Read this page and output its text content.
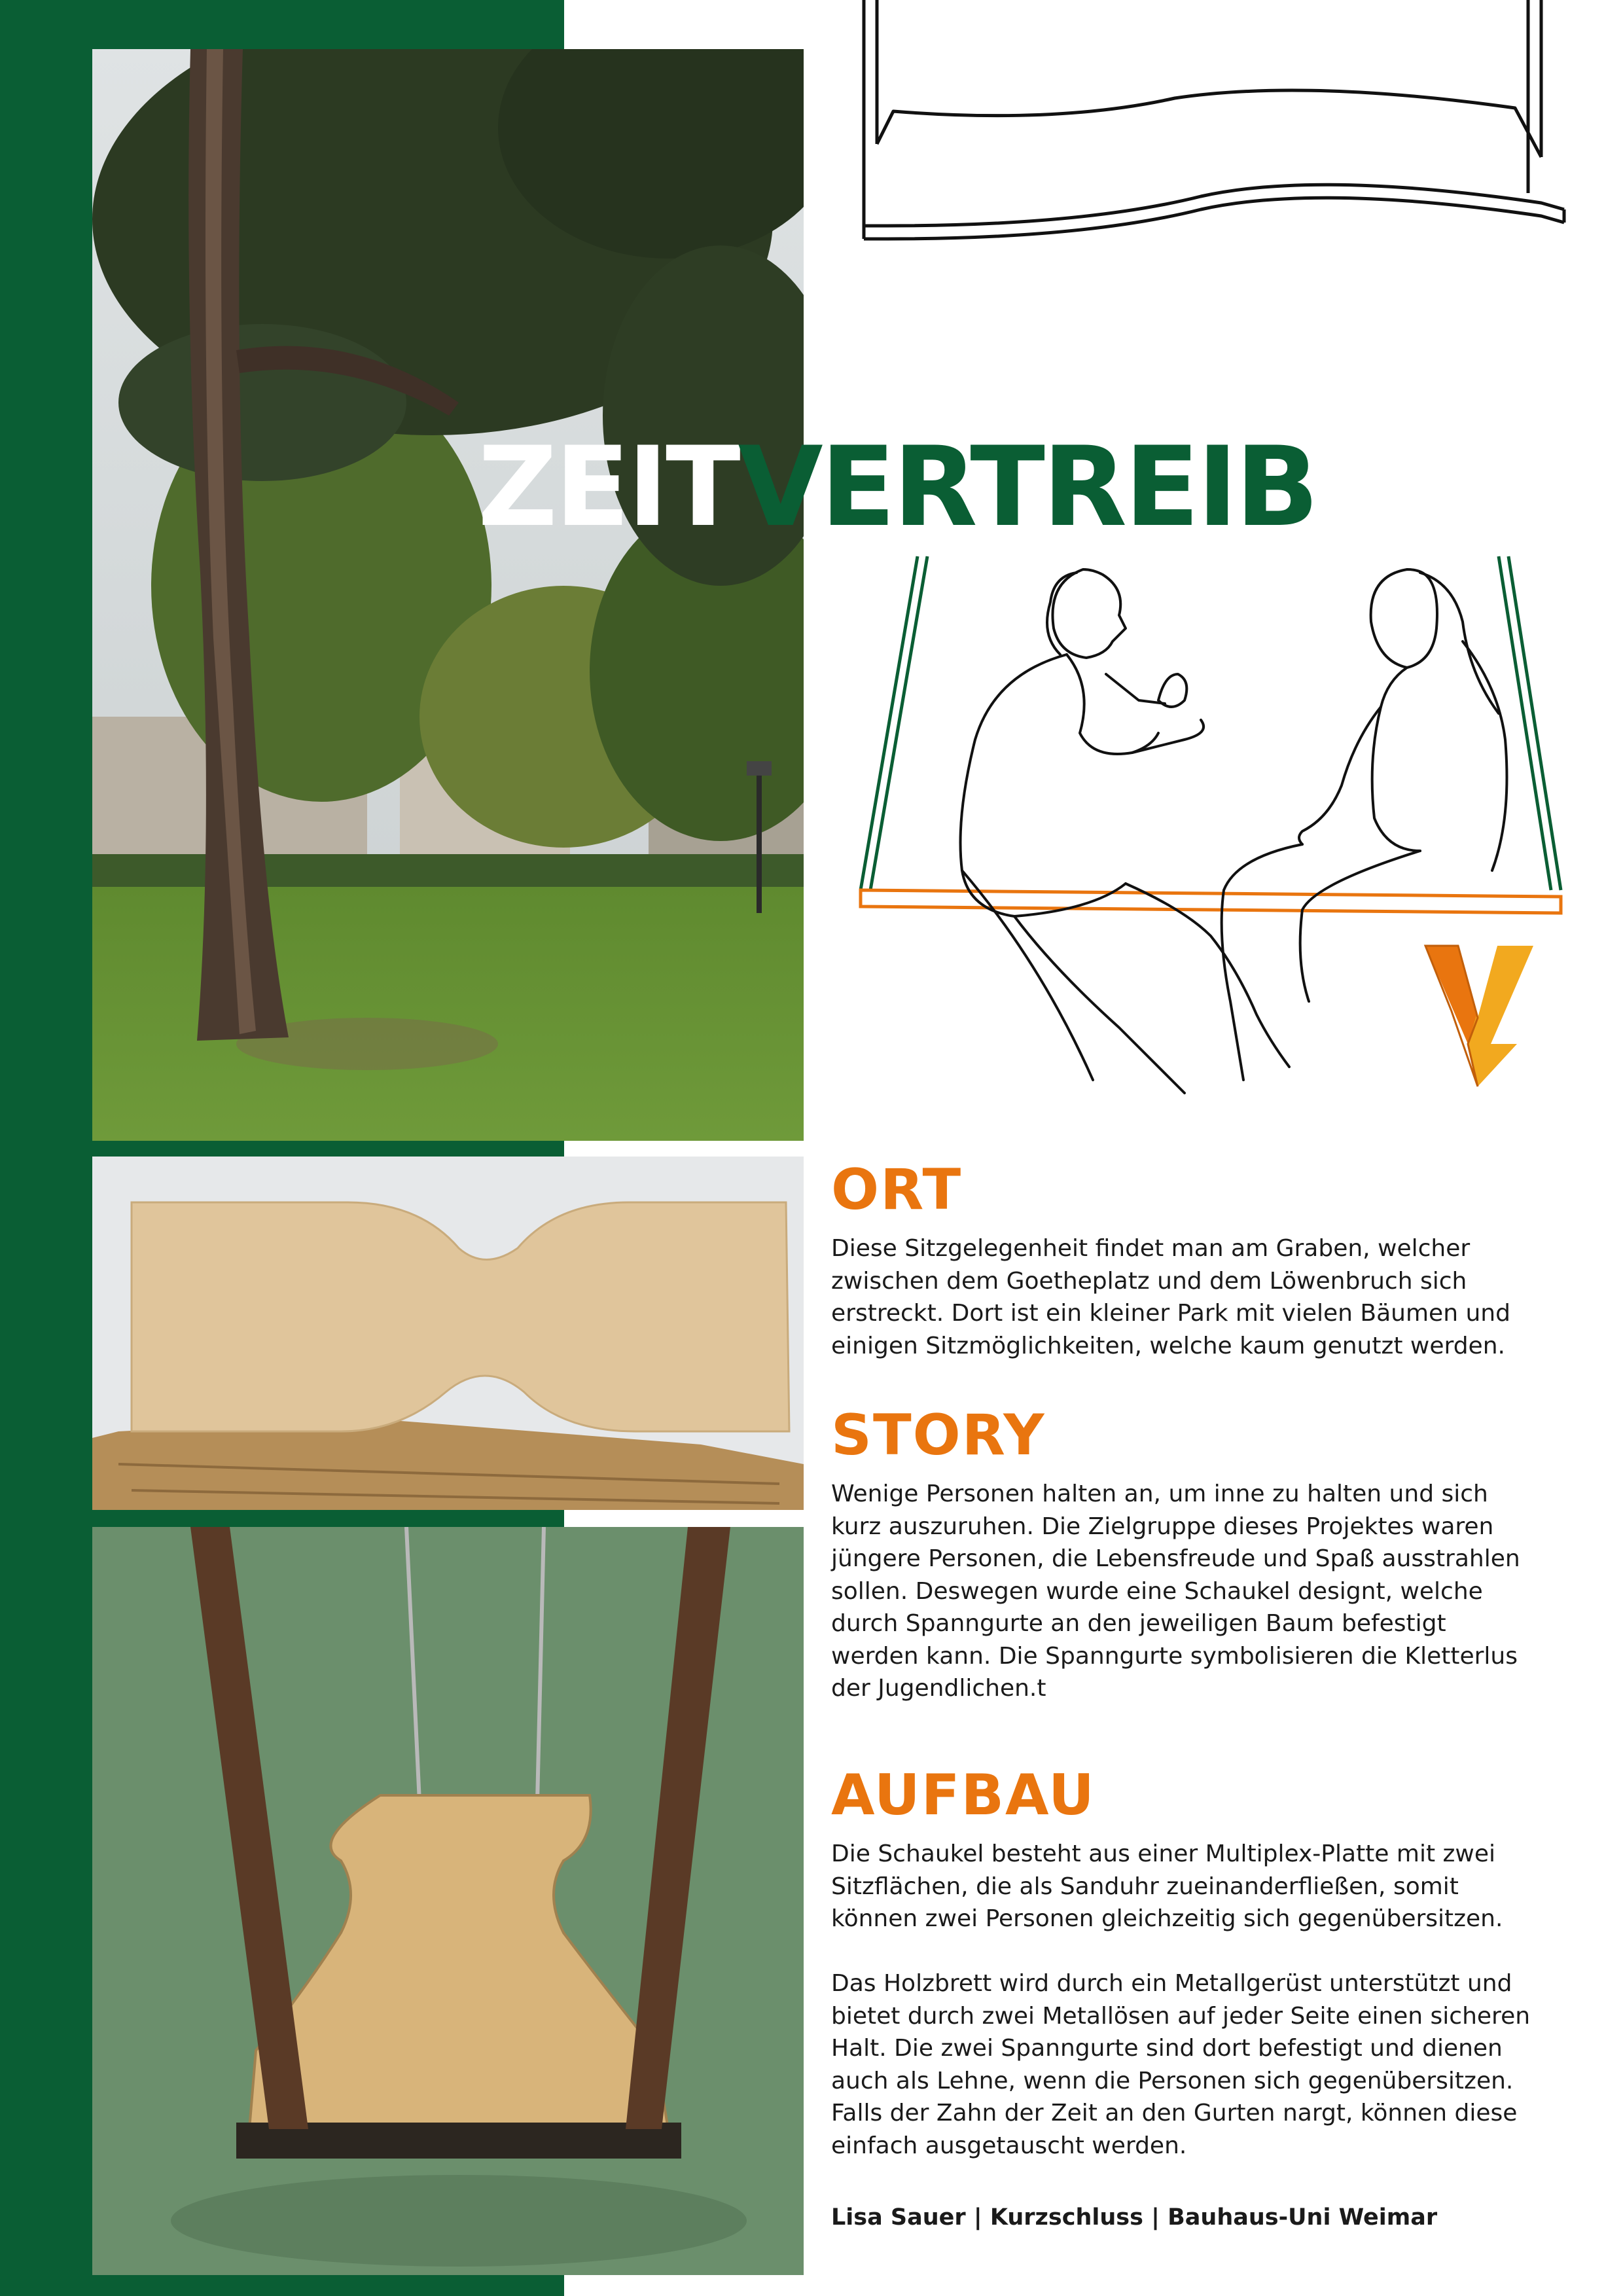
ZEITVERTREIB
ORT

Diese Sitzgelegenheit findet man am Graben, welcher
zwischen dem Goetheplatz und dem Löwenbruch sich
erstreckt. Dort ist ein kleiner Park mit vielen Bäumen und
einigen Sitzmöglichkeiten, welche kaum genutzt werden.

STORY

Wenige Personen halten an, um inne zu halten und sich
kurz auszuruhen. Die Zielgruppe dieses Projektes waren
jüngere Personen, die Lebensfreude und Spaß ausstrahlen
sollen. Deswegen wurde eine Schaukel designt, welche
durch Spanngurte an den jeweiligen Baum befestigt
werden kann. Die Spanngurte symbolisieren die Kletterlus
der Jugendlichen.t

AUFBAU

Die Schaukel besteht aus einer Multiplex-Platte mit zwei
Sitzflächen, die als Sanduhr zueinanderfließen, somit
können zwei Personen gleichzeitig sich gegenübersitzen.

Das Holzbrett wird durch ein Metallgerüst unterstützt und
bietet durch zwei Metallösen auf jeder Seite einen sicheren
Halt. Die zwei Spanngurte sind dort befestigt und dienen
auch als Lehne, wenn die Personen sich gegenübersitzen.
Falls der Zahn der Zeit an den Gurten nargt, können diese
einfach ausgetauscht werden.

Lisa Sauer | Kurzschluss | Bauhaus-Uni Weimar
